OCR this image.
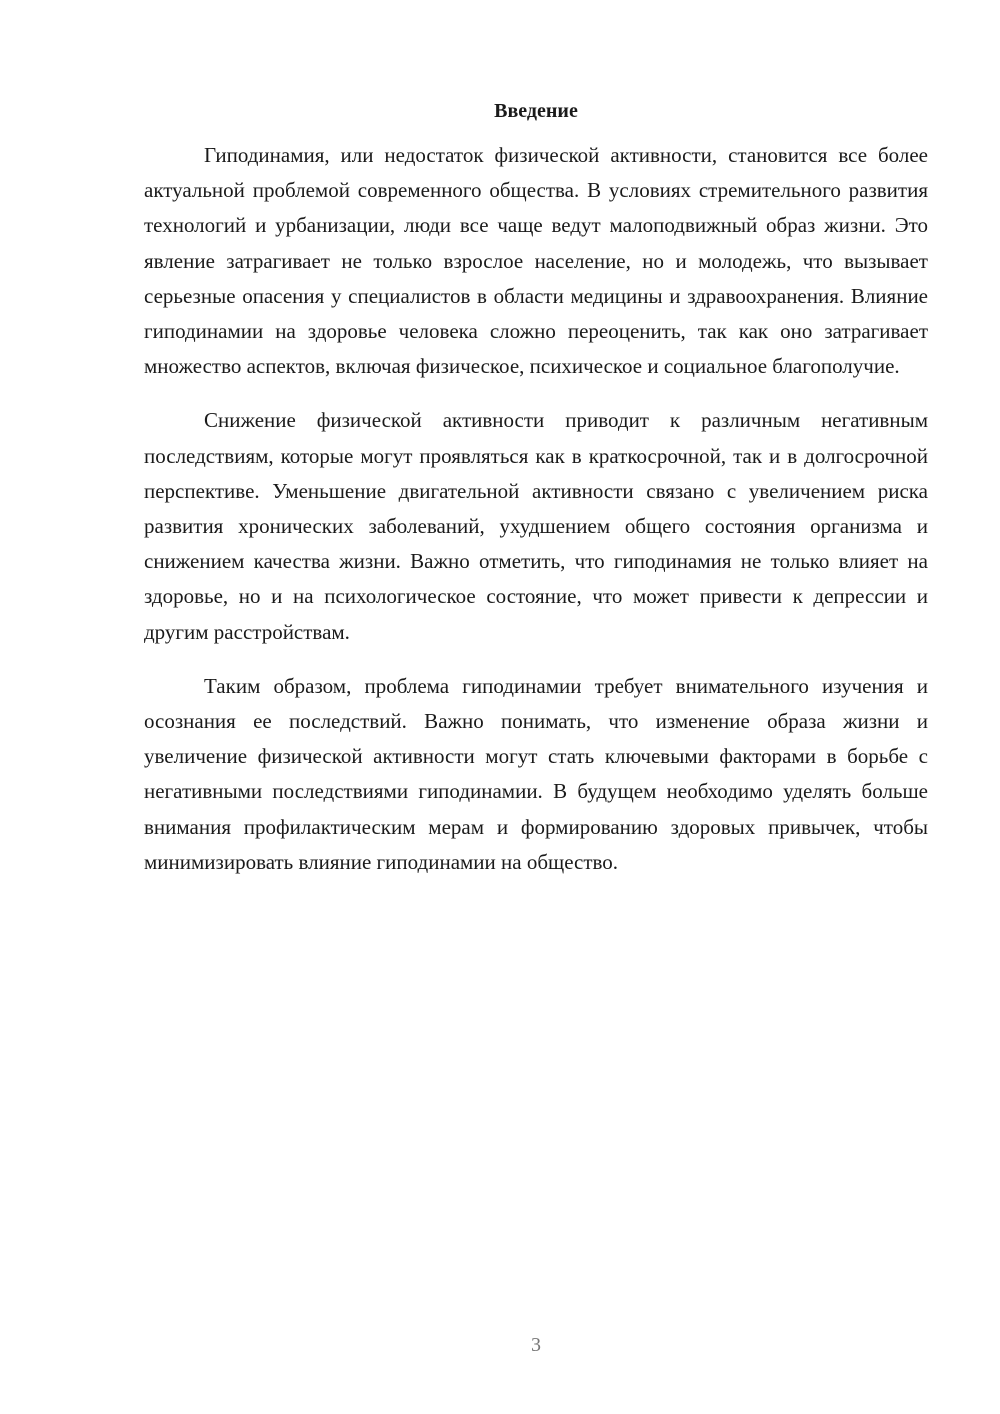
Введение

Гиподинамия, или недостаток физической активности, становится все более актуальной проблемой современного общества. В условиях стремительного развития технологий и урбанизации, люди все чаще ведут малоподвижный образ жизни. Это явление затрагивает не только взрослое население, но и молодежь, что вызывает серьезные опасения у специалистов в области медицины и здравоохранения. Влияние гиподинамии на здоровье человека сложно переоценить, так как оно затрагивает множество аспектов, включая физическое, психическое и социальное благополучие.

Снижение физической активности приводит к различным негативным последствиям, которые могут проявляться как в краткосрочной, так и в долгосрочной перспективе. Уменьшение двигательной активности связано с увеличением риска развития хронических заболеваний, ухудшением общего состояния организма и снижением качества жизни. Важно отметить, что гиподинамия не только влияет на здоровье, но и на психологическое состояние, что может привести к депрессии и другим расстройствам.

Таким образом, проблема гиподинамии требует внимательного изучения и осознания ее последствий. Важно понимать, что изменение образа жизни и увеличение физической активности могут стать ключевыми факторами в борьбе с негативными последствиями гиподинамии. В будущем необходимо уделять больше внимания профилактическим мерам и формированию здоровых привычек, чтобы минимизировать влияние гиподинамии на общество.

3
